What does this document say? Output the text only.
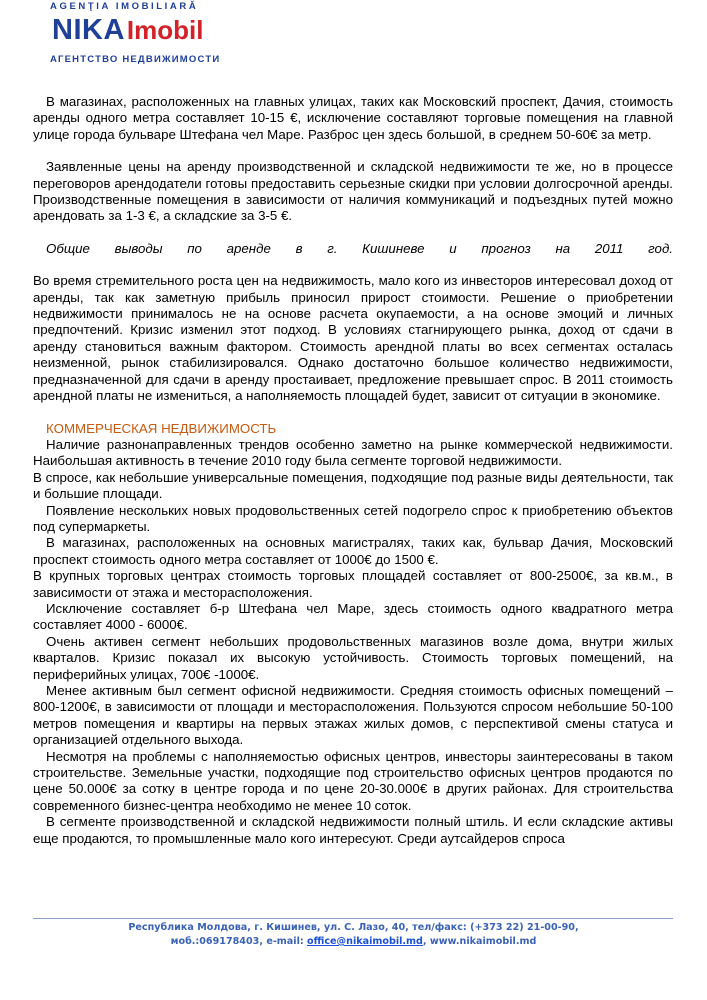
AGENŢIA IMOBILIARĂ
NIKAImobil
АГЕНТСТВО НЕДВИЖИМОСТИ

В магазинах, расположенных на главных улицах, таких как Московский проспект, Дачия, стоимость аренды одного метра составляет 10-15 €, исключение составляют торговые помещения на главной улице города бульваре Штефана чел Маре. Разброс цен здесь большой, в среднем 50-60€ за метр.

Заявленные цены на аренду производственной и складской недвижимости те же, но в процессе переговоров арендодатели готовы предоставить серьезные скидки при условии долгосрочной аренды.

Производственные помещения в зависимости от наличия коммуникаций и подъездных путей можно арендовать за 1-3 €, а складские за 3-5 €.

Общие выводы по аренде в г. Кишиневе и прогноз на 2011 год.

Во время стремительного роста цен на недвижимость, мало кого из инвесторов интересовал доход от аренды, так как заметную прибыль приносил прирост стоимости. Решение о приобретении недвижимости принималось не на основе расчета окупаемости, а на основе эмоций и личных предпочтений. Кризис изменил этот подход. В условиях стагнирующего рынка, доход от сдачи в аренду становиться важным фактором. Стоимость арендной платы во всех сегментах осталась неизменной, рынок стабилизировался. Однако достаточно большое количество недвижимости, предназначенной для сдачи в аренду простаивает, предложение превышает спрос. В 2011 стоимость арендной платы не измениться, а наполняемость площадей будет, зависит от ситуации в экономике.

КОММЕРЧЕСКАЯ НЕДВИЖИМОСТЬ

Наличие разнонаправленных трендов особенно заметно на рынке коммерческой недвижимости. Наибольшая активность в течение 2010 году была сегменте торговой недвижимости.

В спросе, как небольшие универсальные помещения, подходящие под разные виды деятельности, так и большие площади.

Появление нескольких новых продовольственных сетей подогрело спрос к приобретению объектов под супермаркеты.

В магазинах, расположенных на основных магистралях, таких как, бульвар Дачия, Московский проспект стоимость одного метра составляет от 1000€ до 1500 €.

В крупных торговых центрах стоимость торговых площадей составляет от 800-2500€, за кв.м., в зависимости от этажа и месторасположения.

Исключение составляет б-р Штефана чел Маре, здесь стоимость одного квадратного метра составляет 4000 - 6000€.

Очень активен сегмент небольших продовольственных магазинов возле дома, внутри жилых кварталов. Кризис показал их высокую устойчивость. Стоимость торговых помещений, на периферийных улицах, 700€ -1000€.

Менее активным был сегмент офисной недвижимости. Средняя стоимость офисных помещений – 800-1200€, в зависимости от площади и месторасположения. Пользуются спросом небольшие 50-100 метров помещения и квартиры на первых этажах жилых домов, с перспективой смены статуса и организацией отдельного выхода.

Несмотря на проблемы с наполняемостью офисных центров, инвесторы заинтересованы в таком строительстве. Земельные участки, подходящие под строительство офисных центров продаются по цене 50.000€ за сотку в центре города и по цене 20-30.000€ в других районах. Для строительства современного бизнес-центра необходимо не менее 10 соток.

В сегменте производственной и складской недвижимости полный штиль. И если складские активы еще продаются, то промышленные мало кого интересуют. Среди аутсайдеров спроса

Республика Молдова, г. Кишинев, ул. С. Лазо, 40, тел/факс: (+373 22) 21-00-90,
моб.:069178403, e-mail: office@nikaimobil.md, www.nikaimobil.md
